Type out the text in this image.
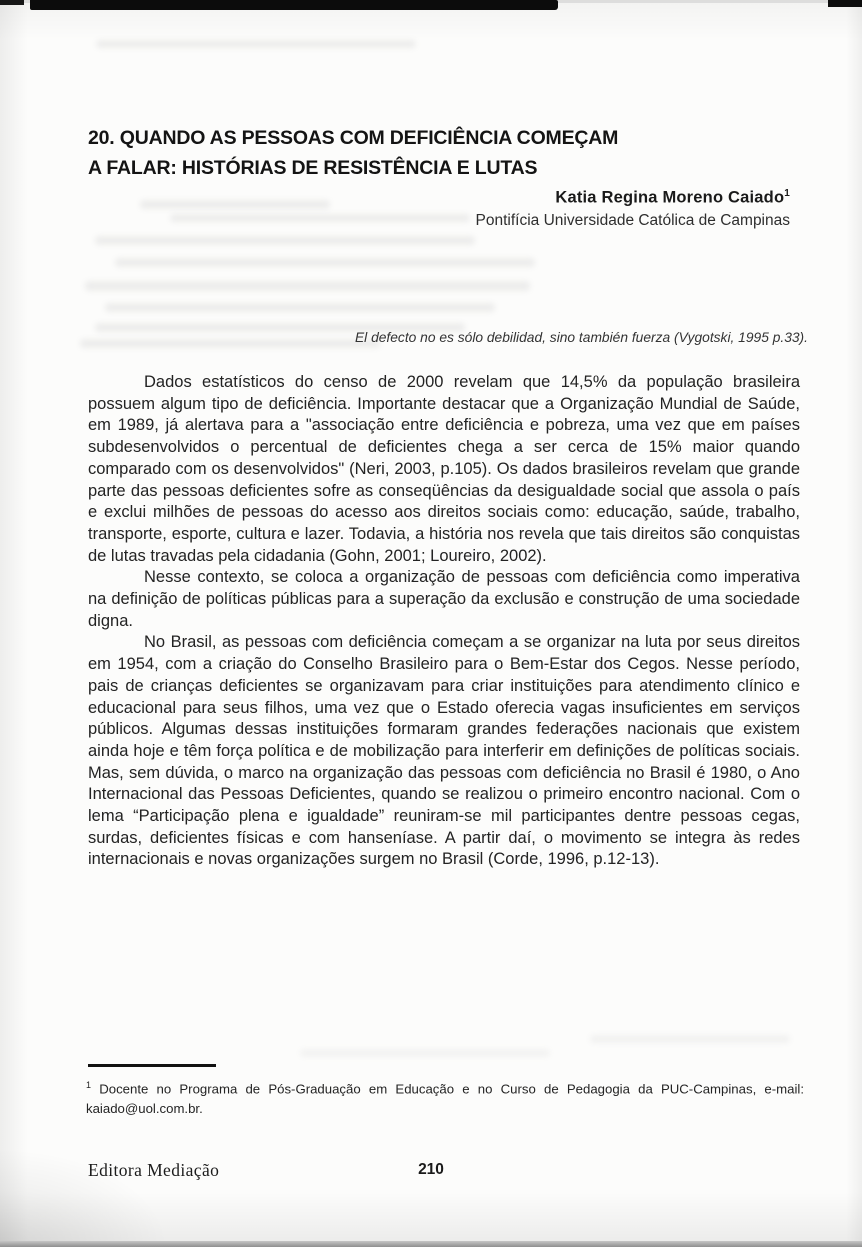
20. QUANDO AS PESSOAS COM DEFICIÊNCIA COMEÇAM
A FALAR: HISTÓRIAS DE RESISTÊNCIA E LUTAS
Katia Regina Moreno Caiado$^1$
Pontifícia Universidade Católica de Campinas
El defecto no es sólo debilidad, sino también fuerza (Vygotski, 1995 p.33).

Dados estatísticos do censo de 2000 revelam que 14,5% da população brasileira possuem algum tipo de deficiência. Importante destacar que a Organização Mundial de Saúde, em 1989, já alertava para a "associação entre deficiência e pobreza, uma vez que em países subdesenvolvidos o percentual de deficientes chega a ser cerca de 15% maior quando comparado com os desenvolvidos" (Neri, 2003, p.105). Os dados brasileiros revelam que grande parte das pessoas deficientes sofre as conseqüências da desigualdade social que assola o país e exclui milhões de pessoas do acesso aos direitos sociais como: educação, saúde, trabalho, transporte, esporte, cultura e lazer. Todavia, a história nos revela que tais direitos são conquistas de lutas travadas pela cidadania (Gohn, 2001; Loureiro, 2002).

Nesse contexto, se coloca a organização de pessoas com deficiência como imperativa na definição de políticas públicas para a superação da exclusão e construção de uma sociedade digna.

No Brasil, as pessoas com deficiência começam a se organizar na luta por seus direitos em 1954, com a criação do Conselho Brasileiro para o Bem-Estar dos Cegos. Nesse período, pais de crianças deficientes se organizavam para criar instituições para atendimento clínico e educacional para seus filhos, uma vez que o Estado oferecia vagas insuficientes em serviços públicos. Algumas dessas instituições formaram grandes federações nacionais que existem ainda hoje e têm força política e de mobilização para interferir em definições de políticas sociais. Mas, sem dúvida, o marco na organização das pessoas com deficiência no Brasil é 1980, o Ano Internacional das Pessoas Deficientes, quando se realizou o primeiro encontro nacional. Com o lema “Participação plena e igualdade” reuniram-se mil participantes dentre pessoas cegas, surdas, deficientes físicas e com hanseníase. A partir daí, o movimento se integra às redes internacionais e novas organizações surgem no Brasil (Corde, 1996, p.12-13).

$^1$ Docente no Programa de Pós-Graduação em Educação e no Curso de Pedagogia da PUC-Campinas, e-mail: kaiado@uol.com.br.
Editora Mediação	210
